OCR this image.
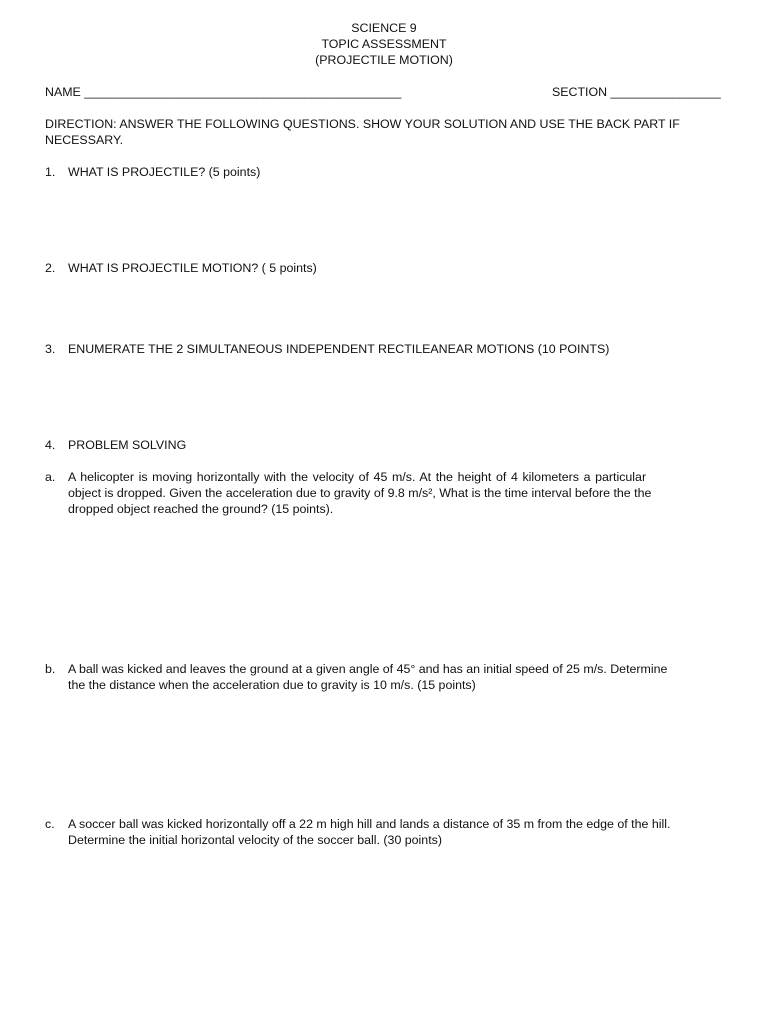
SCIENCE 9
TOPIC ASSESSMENT
(PROJECTILE MOTION)
NAME ______________________________________________	SECTION ________________
DIRECTION: ANSWER THE FOLLOWING QUESTIONS. SHOW YOUR SOLUTION AND USE THE BACK PART IF
NECESSARY.
1. WHAT IS PROJECTILE? (5 points)
2. WHAT IS PROJECTILE MOTION? ( 5 points)
3. ENUMERATE THE 2 SIMULTANEOUS INDEPENDENT RECTILEANEAR MOTIONS (10 POINTS)
4. PROBLEM SOLVING
a. A helicopter is moving horizontally with the velocity of 45 m/s. At the height of 4 kilometers a particular
object is dropped. Given the acceleration due to gravity of 9.8 m/s², What is the time interval before the the
dropped object reached the ground? (15 points).
b. A ball was kicked and leaves the ground at a given angle of 45° and has an initial speed of 25 m/s. Determine
the the distance when the acceleration due to gravity is 10 m/s. (15 points)
c. A soccer ball was kicked horizontally off a 22 m high hill and lands a distance of 35 m from the edge of the hill.
Determine the initial horizontal velocity of the soccer ball. (30 points)
